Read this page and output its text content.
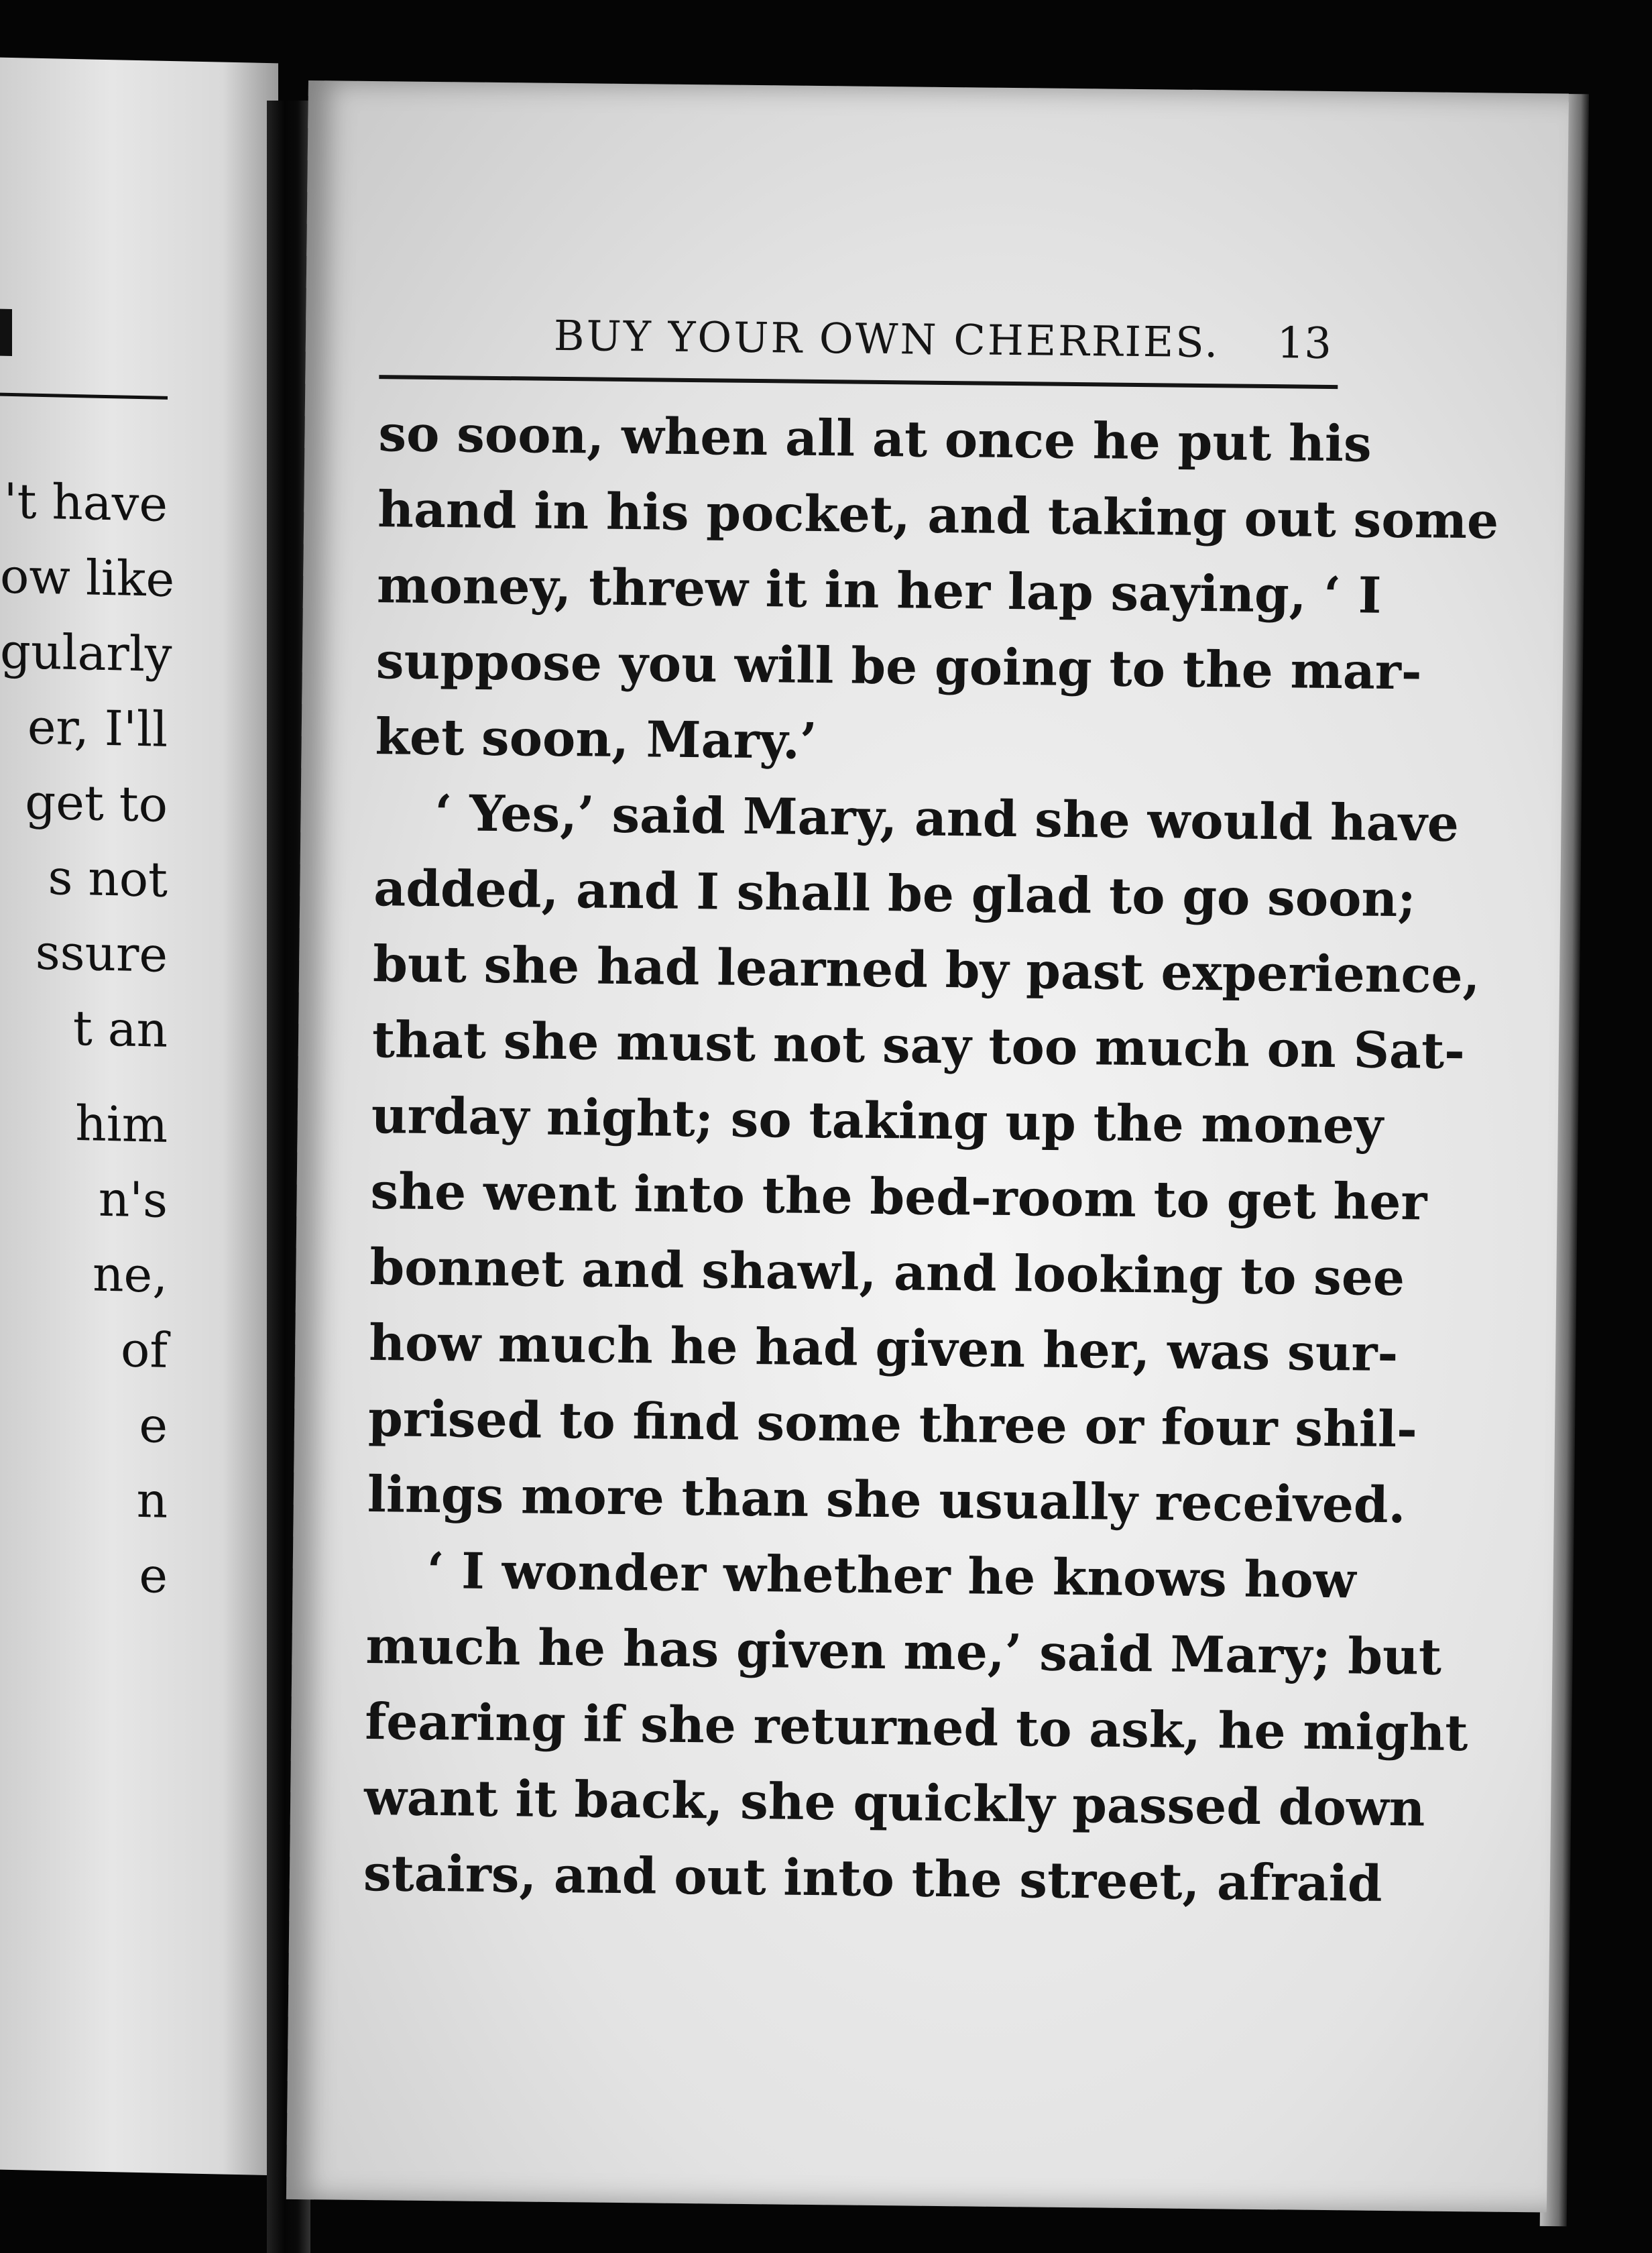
't have
ow like
gularly
er, I'll
get to
s not
ssure
t an
him
n's
ne,
of
e
n
e
BUY YOUR OWN CHERRIES. 13

so soon, when all at once he put his
hand in his pocket, and taking out some
money, threw it in her lap saying, ‘ I
suppose you will be going to the mar-
ket soon, Mary.’

‘ Yes,’ said Mary, and she would have
added, and I shall be glad to go soon;
but she had learned by past experience,
that she must not say too much on Sat-
urday night; so taking up the money
she went into the bed-room to get her
bonnet and shawl, and looking to see
how much he had given her, was sur-
prised to find some three or four shil-
lings more than she usually received.

‘ I wonder whether he knows how
much he has given me,’ said Mary; but
fearing if she returned to ask, he might
want it back, she quickly passed down
stairs, and out into the street, afraid
